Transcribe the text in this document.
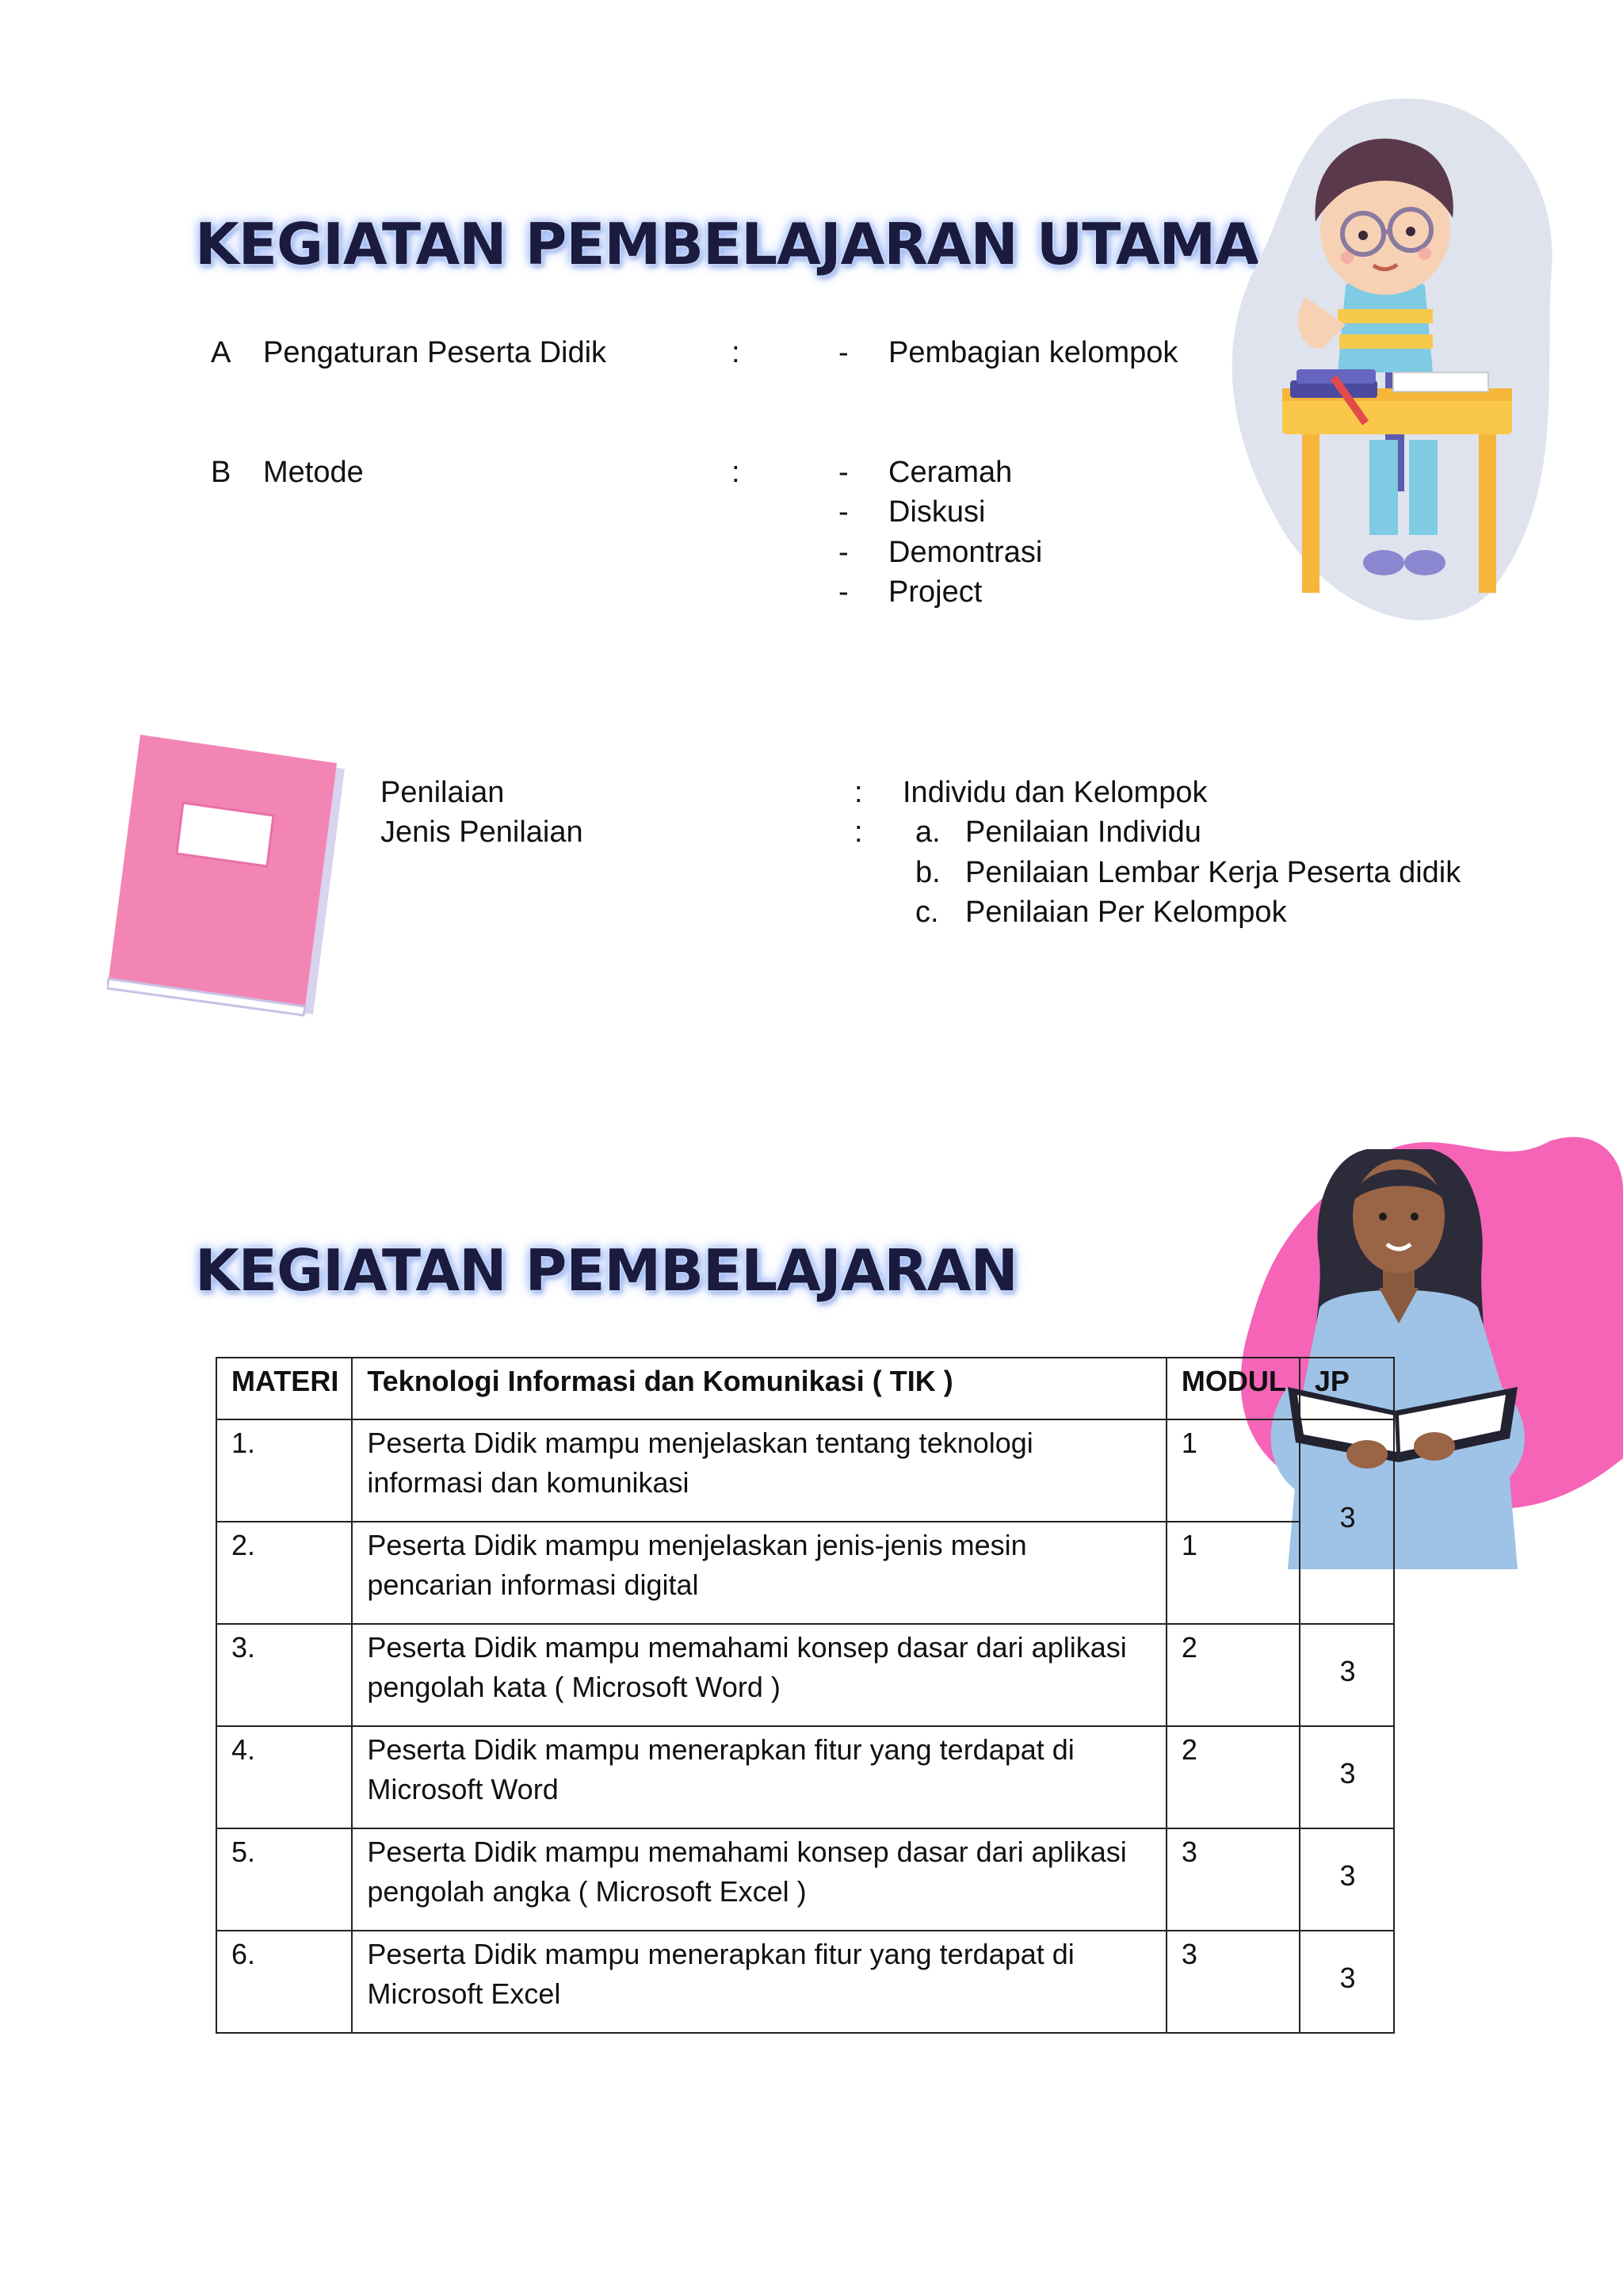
KEGIATAN PEMBELAJARAN UTAMA
A Pengaturan Peserta Didik	:	- Pembagian kelompok
B Metode	:	- Ceramah
- Diskusi
- Demontrasi
- Project
Penilaian	: Individu dan Kelompok
Jenis Penilaian	: a. Penilaian Individu
b. Penilaian Lembar Kerja Peserta didik
c. Penilaian Per Kelompok
KEGIATAN PEMBELAJARAN
MATERI	Teknologi Informasi dan Komunikasi ( TIK )	MODUL	JP
1.	Peserta Didik mampu menjelaskan tentang teknologi informasi dan komunikasi	1	3
2.	Peserta Didik mampu menjelaskan jenis-jenis mesin pencarian informasi digital	1	
3.	Peserta Didik mampu memahami konsep dasar dari aplikasi pengolah kata ( Microsoft Word )	2	3
4.	Peserta Didik mampu menerapkan fitur yang terdapat di Microsoft Word	2	3
5.	Peserta Didik mampu memahami konsep dasar dari aplikasi pengolah angka ( Microsoft Excel )	3	3
6.	Peserta Didik mampu menerapkan fitur yang terdapat di Microsoft Excel	3	3
